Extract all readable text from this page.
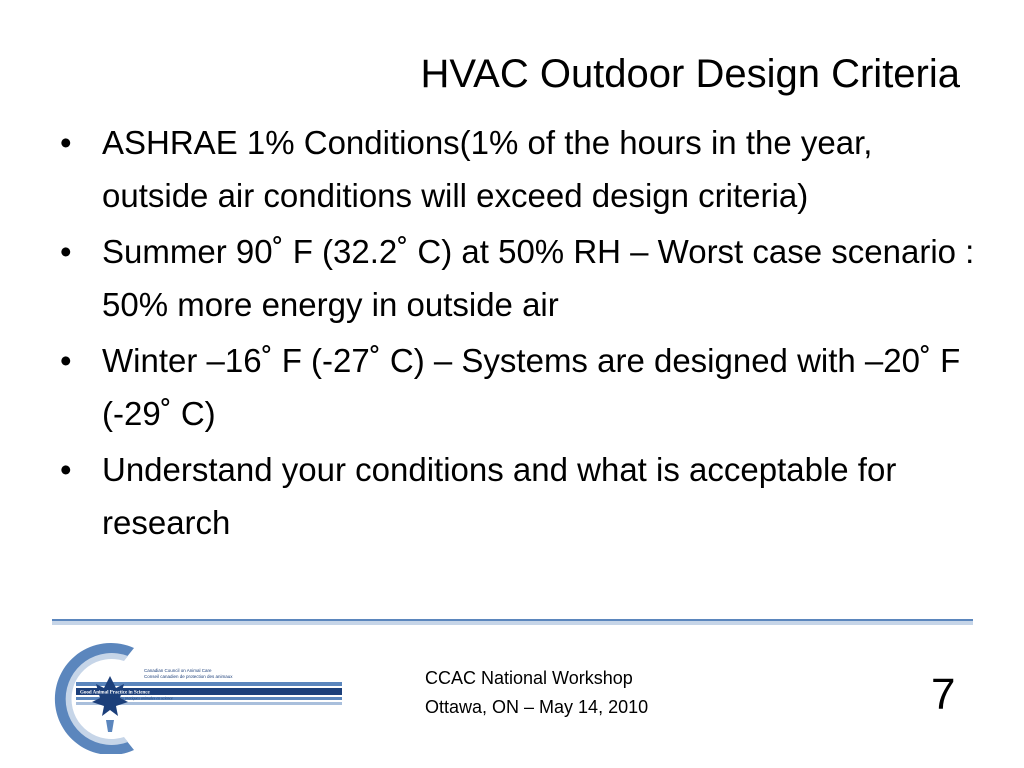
HVAC Outdoor Design Criteria
• ASHRAE 1% Conditions(1% of the hours in the year, outside air conditions will exceed design criteria)
• Summer 90˚ F (32.2˚ C) at 50% RH – Worst case scenario : 50% more energy in outside air
• Winter –16˚ F (-27˚ C) – Systems are designed with –20˚ F (-29˚ C)
• Understand your conditions and what is acceptable for research
Canadian Council on Animal Care
Conseil canadien de protection des animaux
Good Animal Practice in Science
Bonnes pratiques animales en science
CCAC National Workshop
Ottawa, ON – May 14, 2010	7
